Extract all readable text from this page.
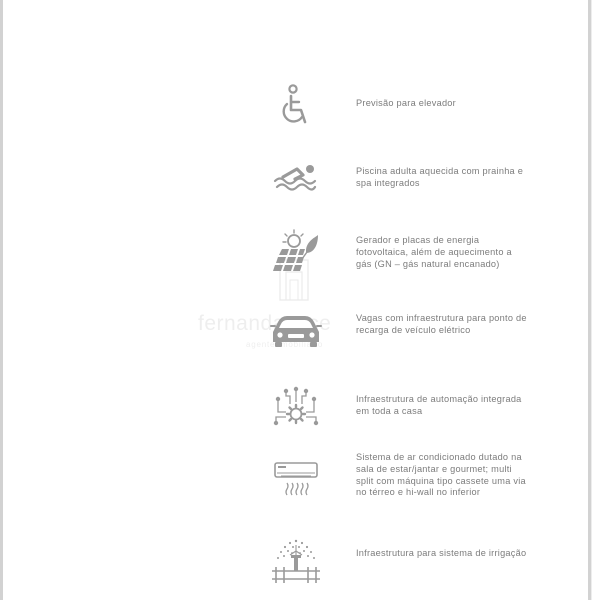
fernandavgce
agente imobiliário
Previsão para elevador
Piscina adulta aquecida com prainha e spa integrados
Gerador e placas de energia fotovoltaica, além de aquecimento a gás (GN – gás natural encanado)
Vagas com infraestrutura para ponto de recarga de veículo elétrico
Infraestrutura de automação integrada em toda a casa
Sistema de ar condicionado dutado na sala de estar/jantar e gourmet; multi split com máquina tipo cassete uma via no térreo e hi-wall no inferior
Infraestrutura para sistema de irrigação
